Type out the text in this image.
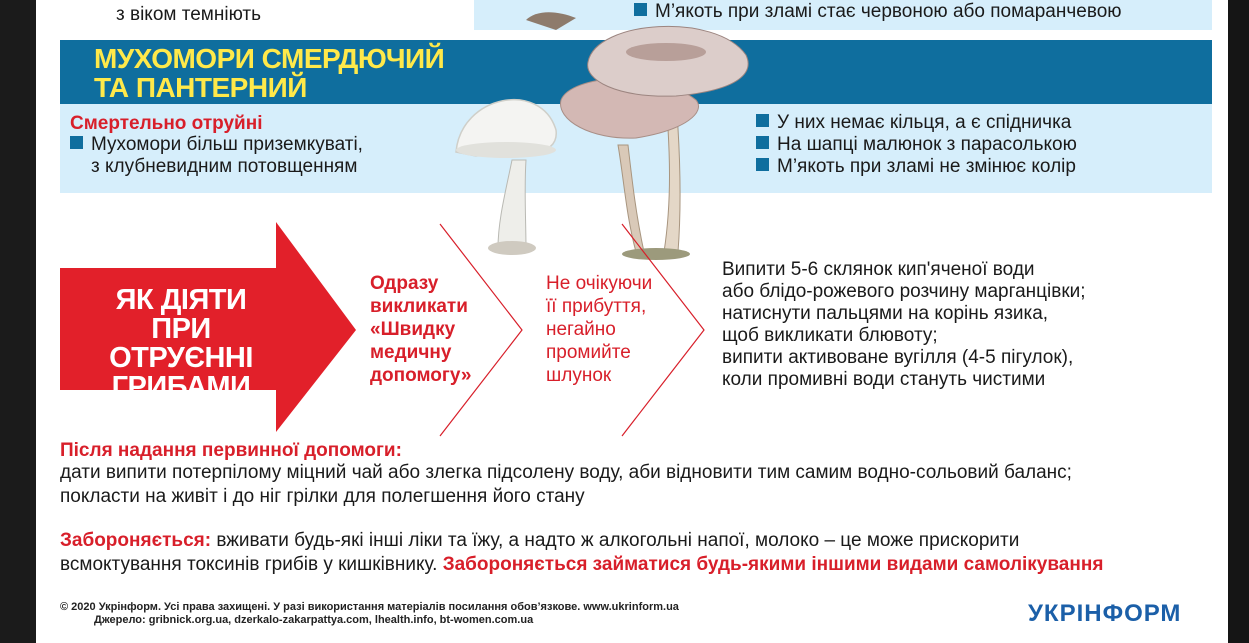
з віком темніють	М’якоть при зламі стає червоною або помаранчевою
МУХОМОРИ СМЕРДЮЧИЙ
ТА ПАНТЕРНИЙ
Смертельно отруйні
Мухомори більш приземкуваті,
з клубневидним потовщенням
У них немає кільця, а є спідничка
На шапці малюнок з парасолькою
М’якоть при зламі не змінює колір
ЯК ДІЯТИ
ПРИ ОТРУЄННІ
ГРИБАМИ
Одразу
викликати
«Швидку
медичну
допомогу»
Не очікуючи
її прибуття,
негайно
промийте
шлунок
Випити 5-6 склянок кип'яченої води
або блідо-рожевого розчину марганцівки;
натиснути пальцями на корінь язика,
щоб викликати блювоту;
випити активоване вугілля (4-5 пігулок),
коли промивні води стануть чистими
Після надання первинної допомоги:
дати випити потерпілому міцний чай або злегка підсолену воду, аби відновити тим самим водно-сольовий баланс;
покласти на живіт і до ніг грілки для полегшення його стану
Забороняється: вживати будь-які інші ліки та їжу, а надто ж алкогольні напої, молоко – це може прискорити
всмоктування токсинів грибів у кишківнику. Забороняється займатися будь-якими іншими видами самолікування
© 2020 Укрінформ. Усі права захищені. У разі використання матеріалів посилання обов’язкове. www.ukrinform.ua
Джерело: gribnick.org.ua, dzerkalo-zakarpattya.com, lhealth.info, bt-women.com.ua	УКРІНФОРМ
